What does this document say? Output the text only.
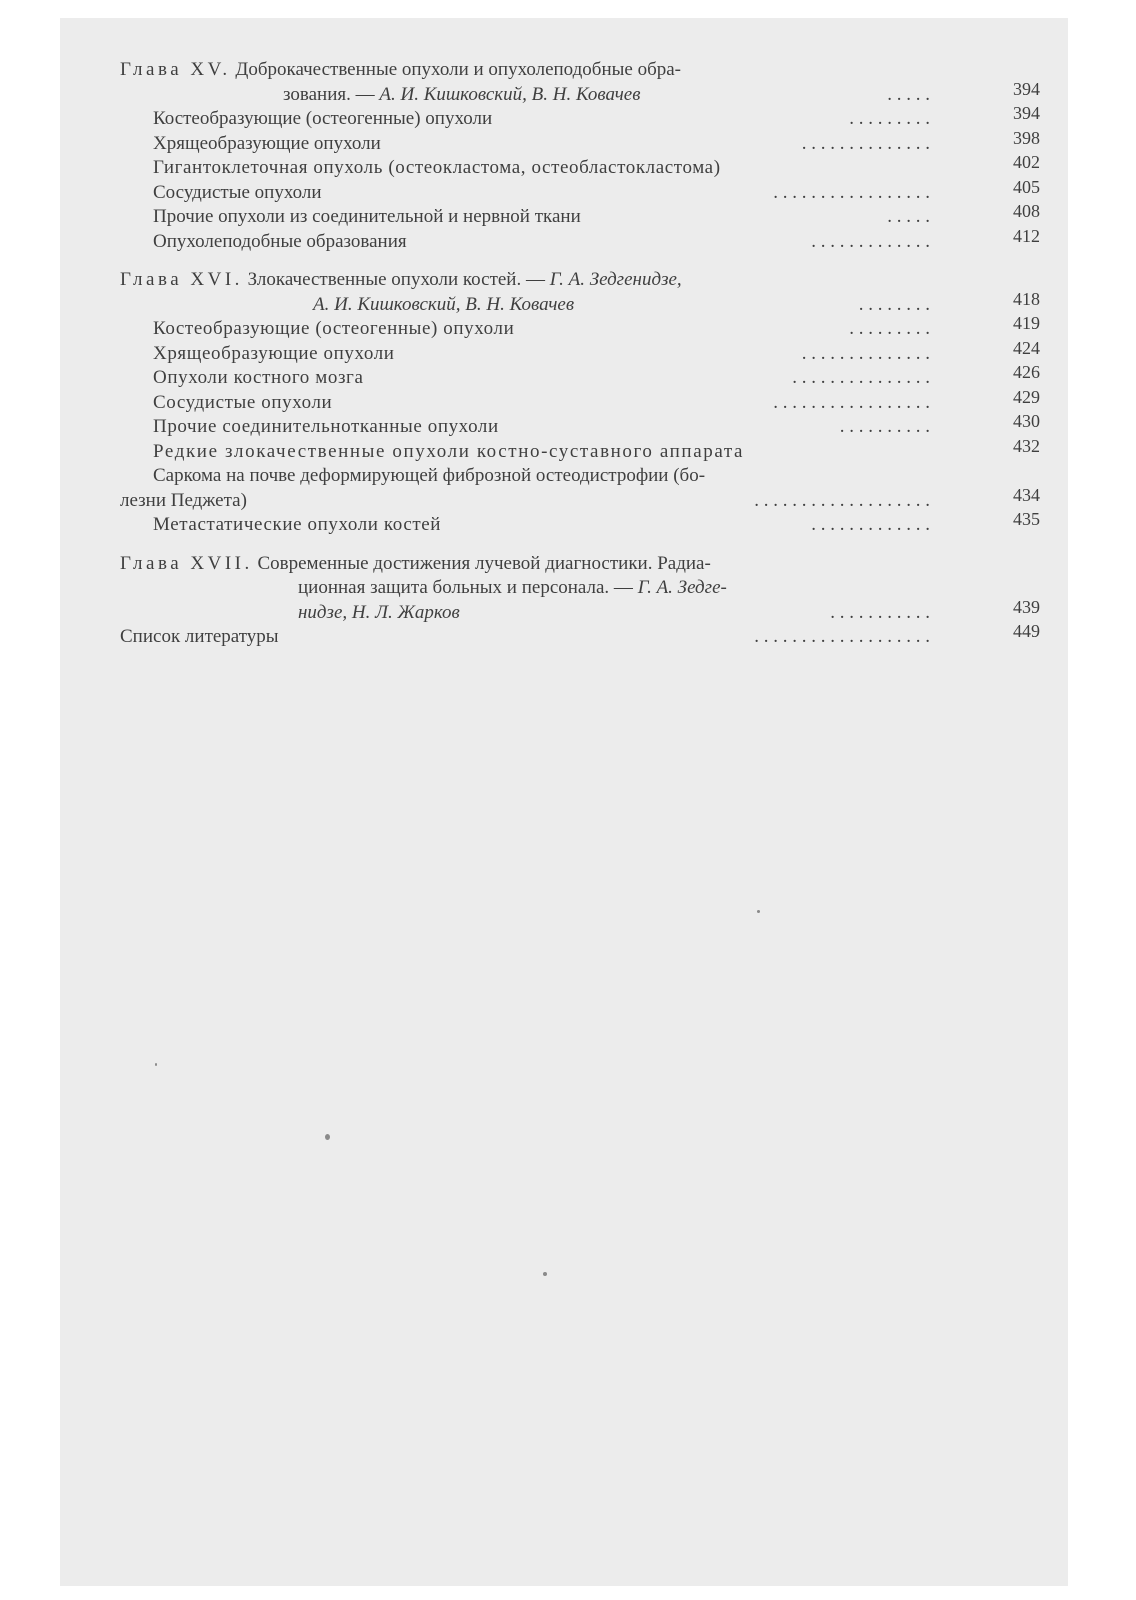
Глава XV. Доброкачественные опухоли и опухолеподобные обра-
зования. — А. И. Кишковский, В. Н. Ковачев	. . . . .	394
Костеобразующие (остеогенные) опухоли	. . . . . . . . .	394
Хрящеобразующие опухоли	. . . . . . . . . . . . . .	398
Гигантоклеточная опухоль (остеокластома, остеобластокластома)	402
Сосудистые опухоли	. . . . . . . . . . . . . . . . .	405
Прочие опухоли из соединительной и нервной ткани	. . . . .	408
Опухолеподобные образования	. . . . . . . . . . . . .	412
Глава XVI. Злокачественные опухоли костей. — Г. А. Зедгенидзе,
А. И. Кишковский, В. Н. Ковачев	. . . . . . . .	418
Костеобразующие (остеогенные) опухоли	. . . . . . . . .	419
Хрящеобразующие опухоли	. . . . . . . . . . . . . .	424
Опухоли костного мозга	. . . . . . . . . . . . . . .	426
Сосудистые опухоли	. . . . . . . . . . . . . . . . .	429
Прочие соединительнотканные опухоли	. . . . . . . . . .	430
Редкие злокачественные опухоли костно-суставного аппарата	432
Саркома на почве деформирующей фиброзной остеодистрофии (бо-
лезни Педжета)	. . . . . . . . . . . . . . . . . . .	434
Метастатические опухоли костей	. . . . . . . . . . . . .	435
Глава XVII. Современные достижения лучевой диагностики. Радиа-
ционная защита больных и персонала. — Г. А. Зедге-
нидзе, Н. Л. Жарков	. . . . . . . . . . .	439
Список литературы	. . . . . . . . . . . . . . . . . . .	449
